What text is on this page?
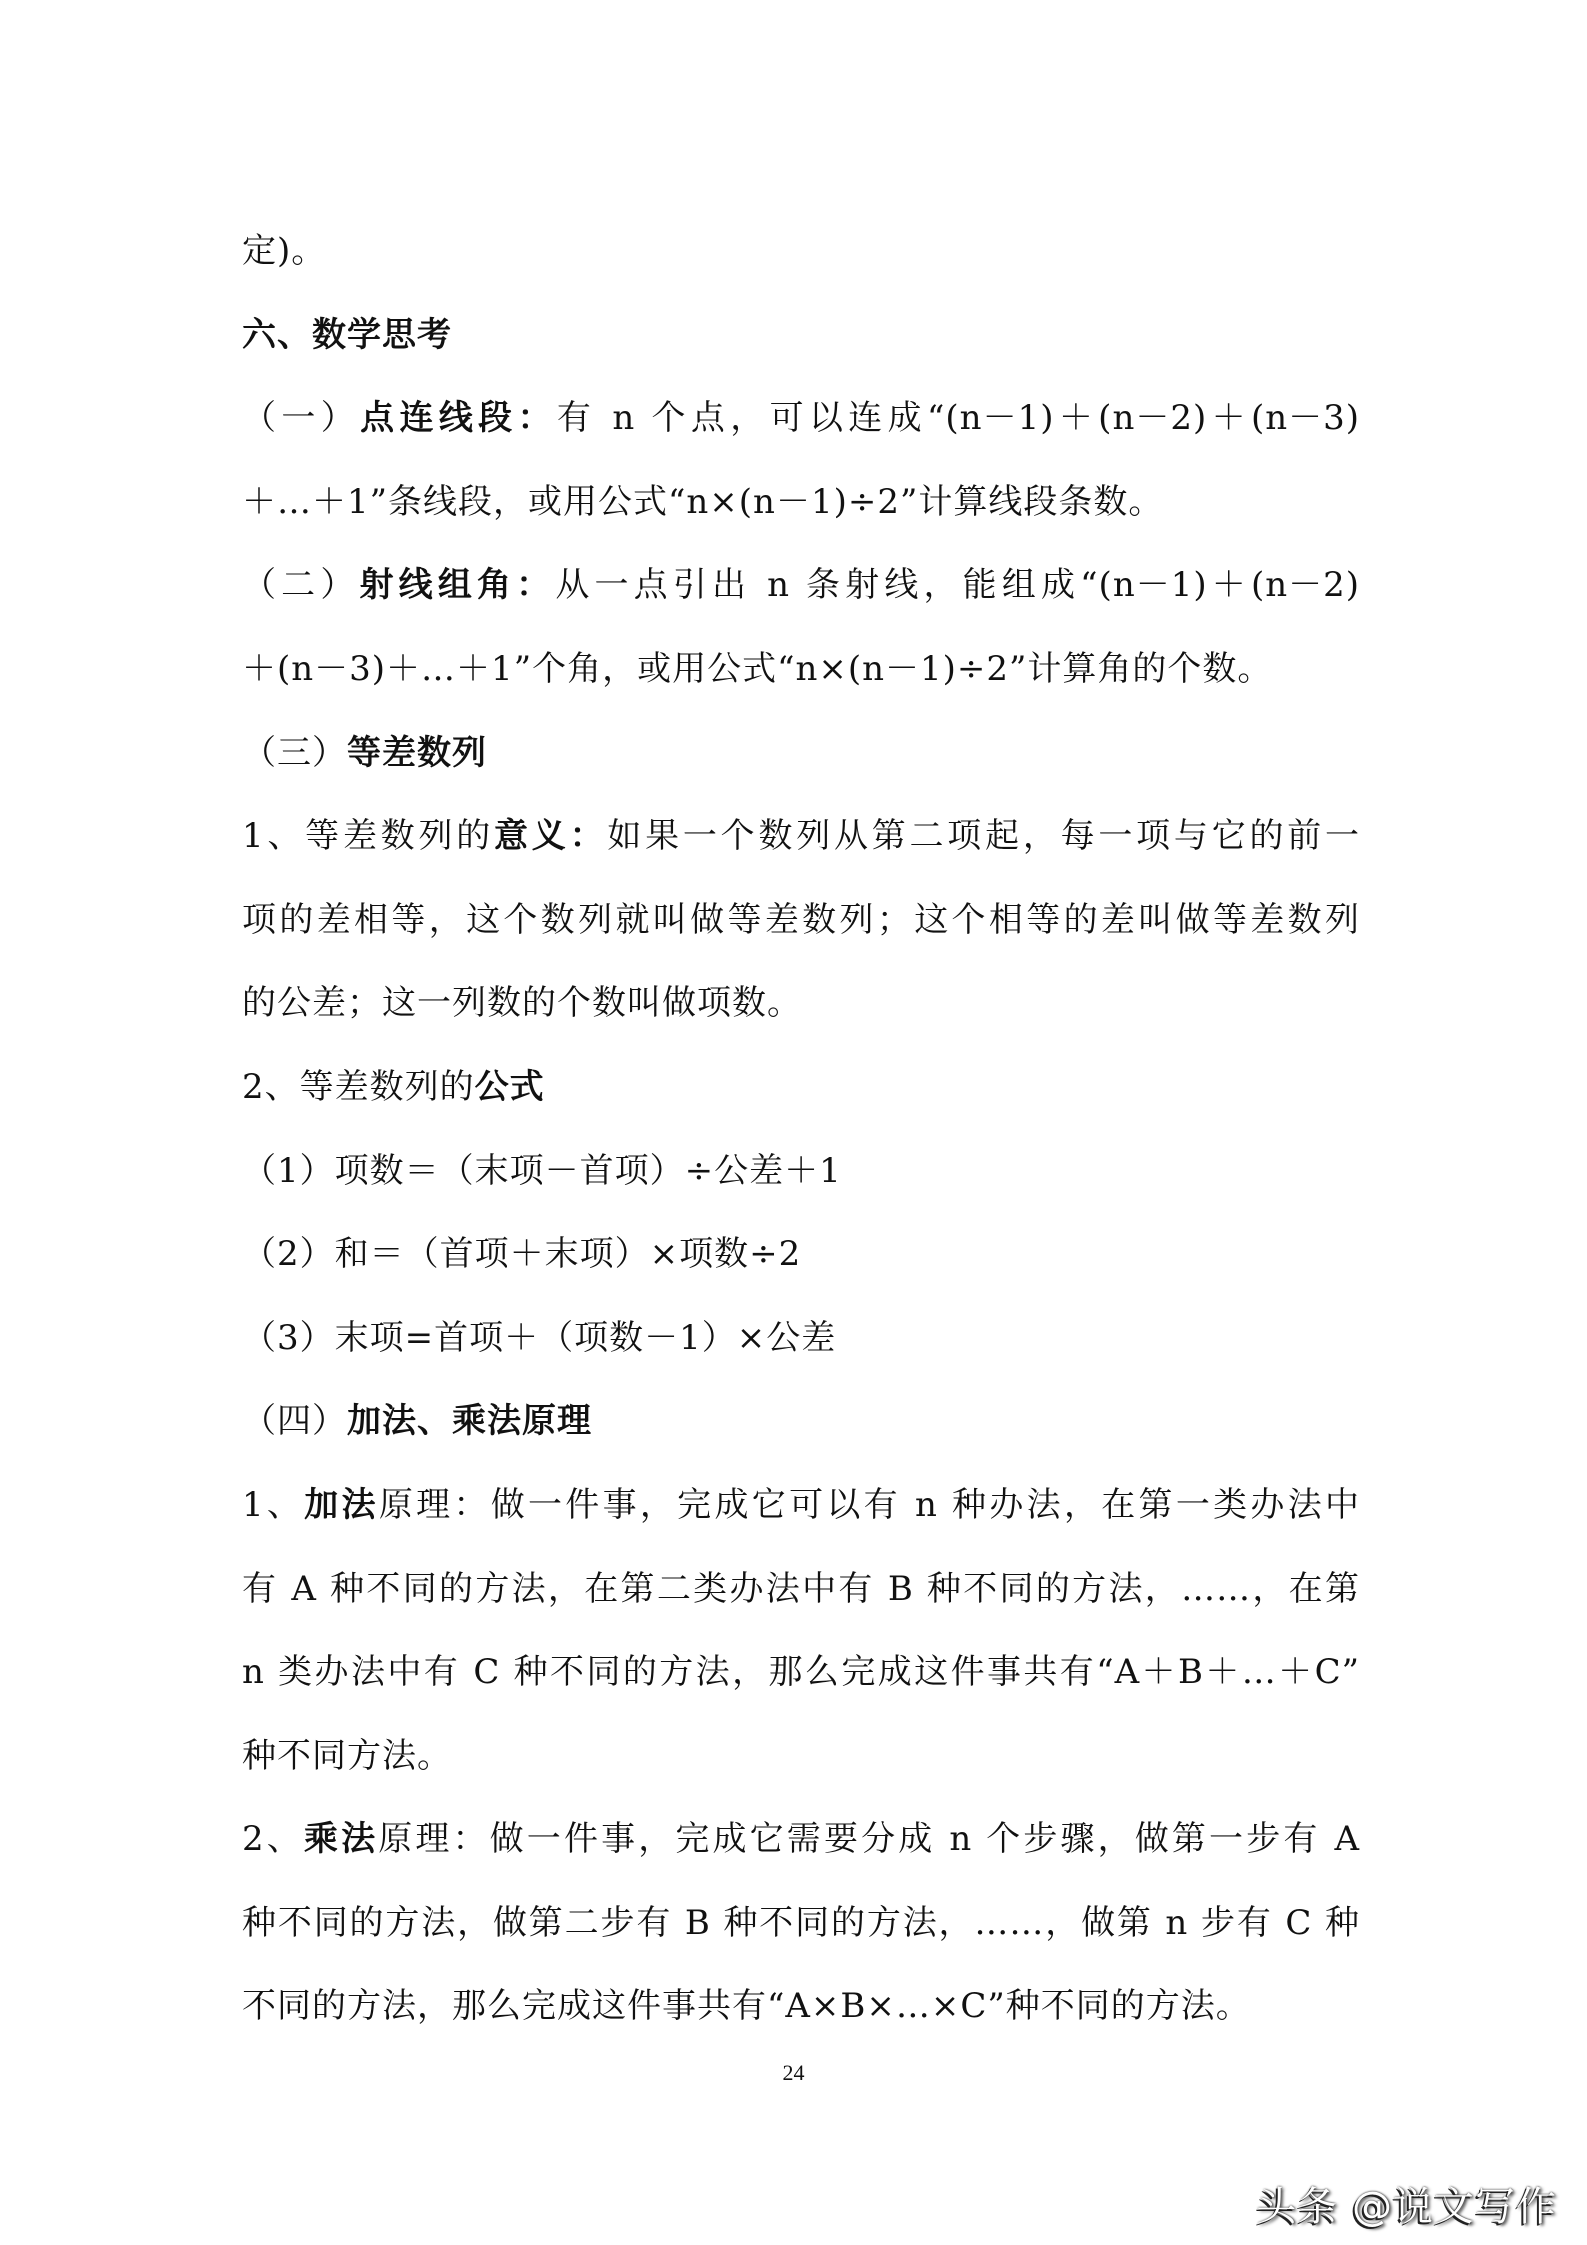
定)。
六、数学思考
（一）点连线段：有 n 个点，可以连成“(n－1)＋(n－2)＋(n－3)
＋…＋1”条线段，或用公式“n×(n－1)÷2”计算线段条数。
（二）射线组角：从一点引出 n 条射线，能组成“(n－1)＋(n－2)
＋(n－3)＋…＋1”个角，或用公式“n×(n－1)÷2”计算角的个数。
（三）等差数列
1、等差数列的意义：如果一个数列从第二项起，每一项与它的前一
项的差相等，这个数列就叫做等差数列；这个相等的差叫做等差数列
的公差；这一列数的个数叫做项数。
2、等差数列的公式
（1）项数＝（末项－首项）÷公差＋1
（2）和＝（首项＋末项）×项数÷2
（3）末项=首项＋（项数－1）×公差
（四）加法、乘法原理
1、加法原理：做一件事，完成它可以有 n 种办法，在第一类办法中
有 A 种不同的方法，在第二类办法中有 B 种不同的方法，……，在第
n 类办法中有 C 种不同的方法，那么完成这件事共有“A＋B＋…＋C”
种不同方法。
2、乘法原理：做一件事，完成它需要分成 n 个步骤，做第一步有 A
种不同的方法，做第二步有 B 种不同的方法，……，做第 n 步有 C 种
不同的方法，那么完成这件事共有“A×B×…×C”种不同的方法。
24
头条 @说文写作
